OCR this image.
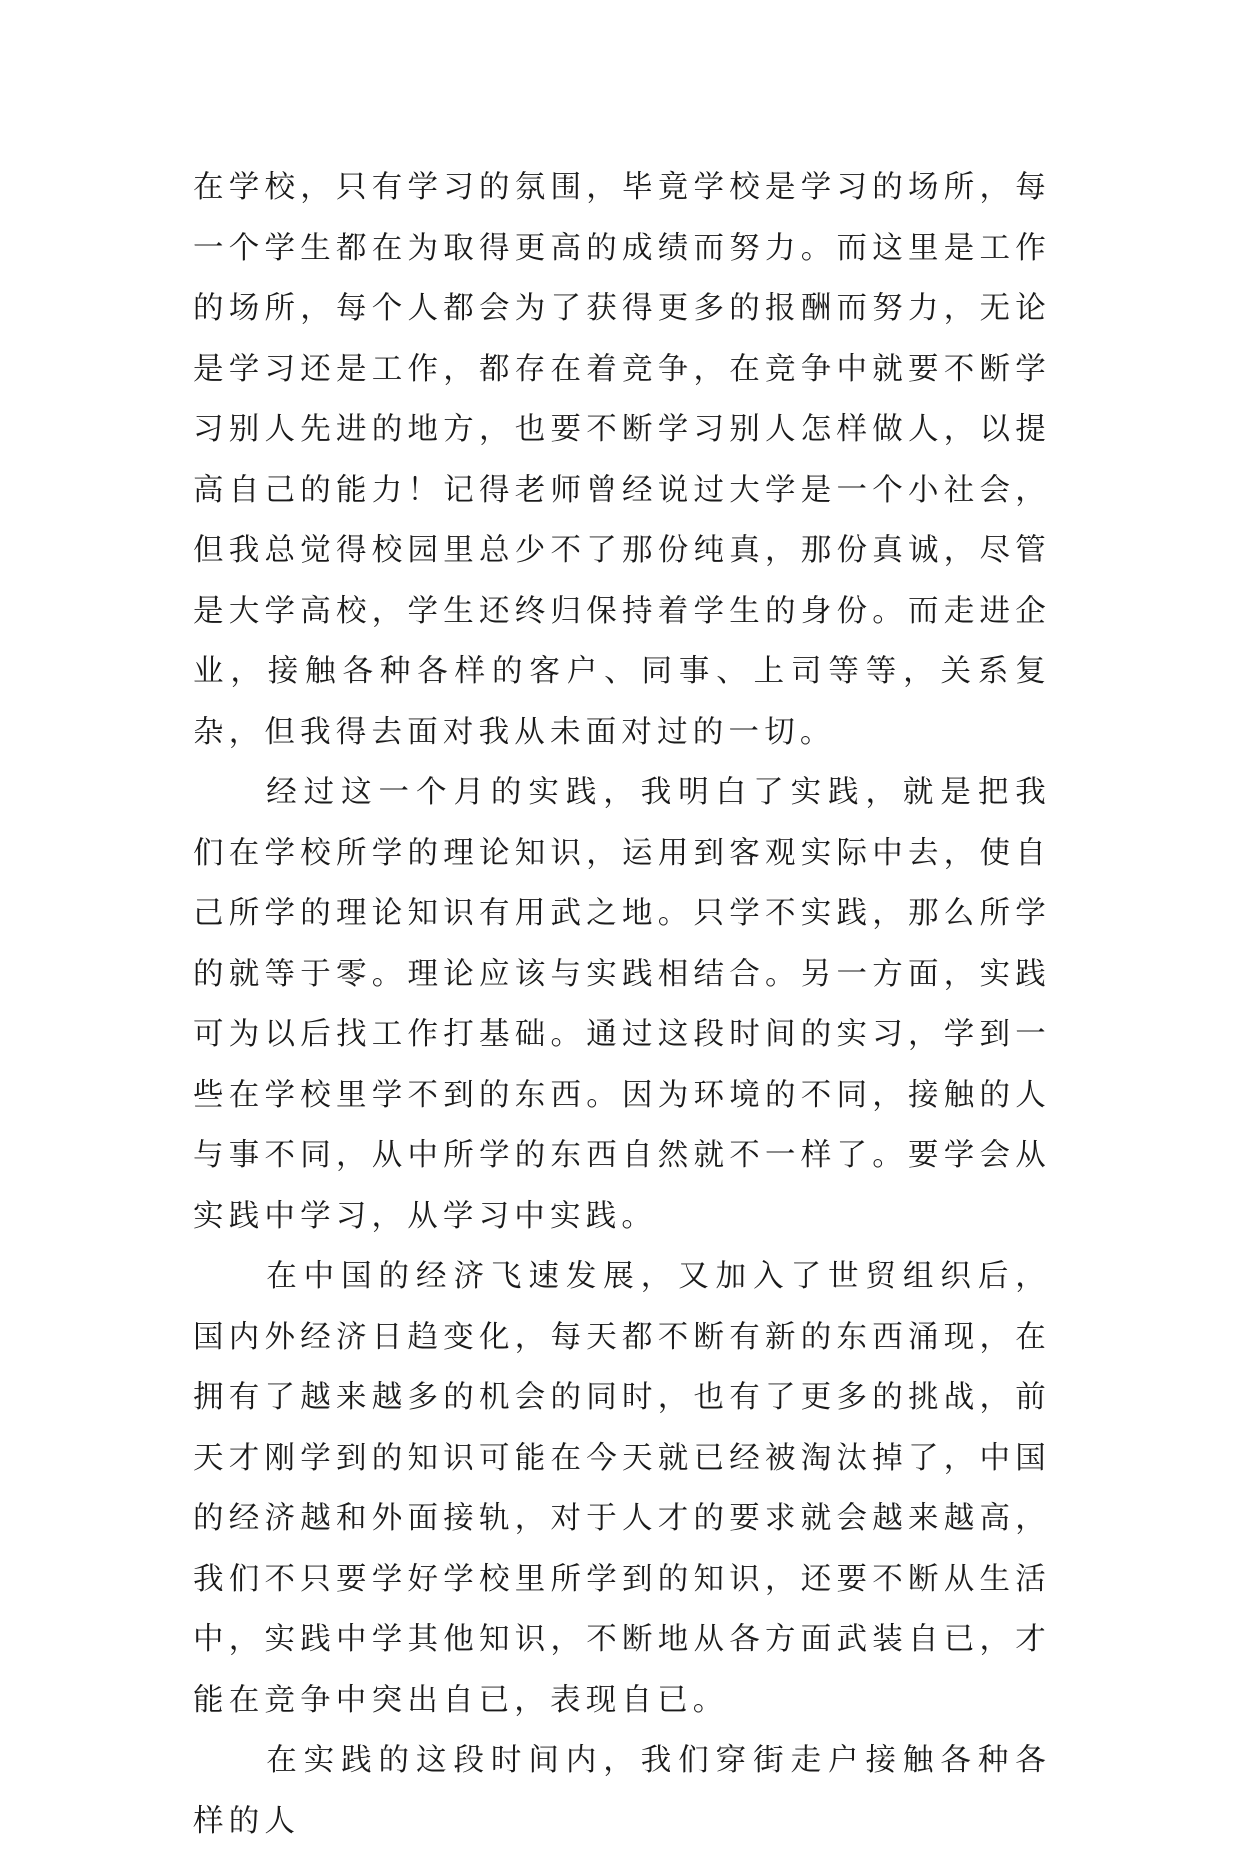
在学校，只有学习的氛围，毕竟学校是学习的场所，每一个学生都在为取得更高的成绩而努力。而这里是工作的场所，每个人都会为了获得更多的报酬而努力，无论是学习还是工作，都存在着竞争，在竞争中就要不断学习别人先进的地方，也要不断学习别人怎样做人，以提高自己的能力！记得老师曾经说过大学是一个小社会，但我总觉得校园里总少不了那份纯真，那份真诚，尽管是大学高校，学生还终归保持着学生的身份。而走进企业，接触各种各样的客户、同事、上司等等，关系复杂，但我得去面对我从未面对过的一切。

经过这一个月的实践，我明白了实践，就是把我们在学校所学的理论知识，运用到客观实际中去，使自己所学的理论知识有用武之地。只学不实践，那么所学的就等于零。理论应该与实践相结合。另一方面，实践可为以后找工作打基础。通过这段时间的实习，学到一些在学校里学不到的东西。因为环境的不同，接触的人与事不同，从中所学的东西自然就不一样了。要学会从实践中学习，从学习中实践。

在中国的经济飞速发展，又加入了世贸组织后，国内外经济日趋变化，每天都不断有新的东西涌现，在拥有了越来越多的机会的同时，也有了更多的挑战，前天才刚学到的知识可能在今天就已经被淘汰掉了，中国的经济越和外面接轨，对于人才的要求就会越来越高，我们不只要学好学校里所学到的知识，还要不断从生活中，实践中学其他知识，不断地从各方面武装自已，才能在竞争中突出自已，表现自已。

在实践的这段时间内，我们穿街走户接触各种各样的人
